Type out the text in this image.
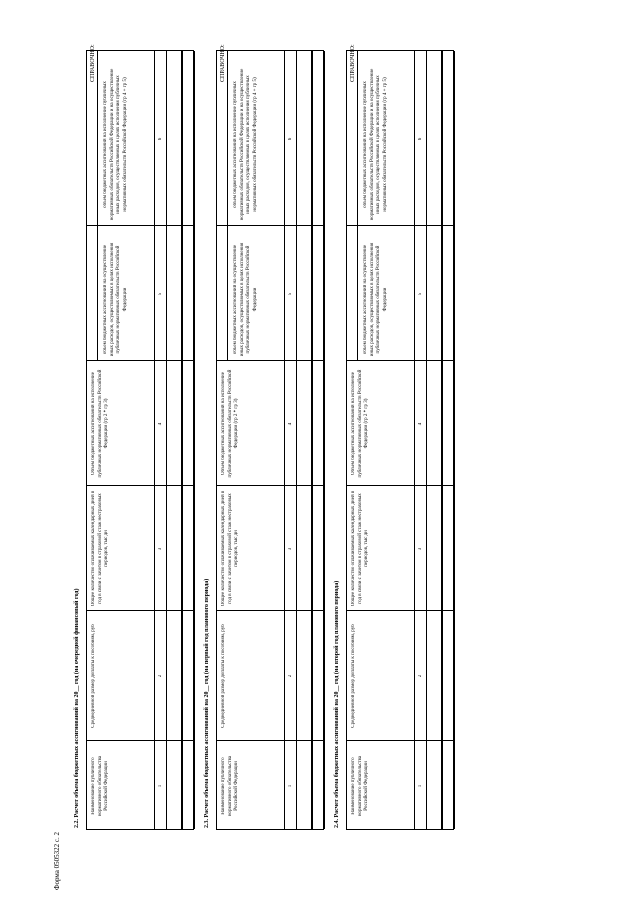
Форма 0505322 с. 2
2.2. Расчет объема бюджетных ассигнований на 20__ год (на очередной финансовый год)
объем бюджетных ассигнований на исполнение публичных нормативных обязательств Российской Федерации и на осуществление иных расходов, осуществляемых в целях исполнения публичных нормативных обязательств Российской Федерации (гр 4 + гр 5)
объем бюджетных ассигнований на осуществление иных расходов, осуществляемых в целях исполнения публичных нормативных обязательств Российской Федерации
Объем бюджетных ассигнований на исполнение публичных нормативных обязательств Российской Федерации (гр 2 * гр 3)
Общее количество оплачиваемых календарных дней в год в связи с зачетом в страховой стаж нестраховых периодов, тыс дн
Среднедневной размер доплаты к пособиям, руб
Наименование публичного нормативного обязательства Российской Федерации
6
5
4
3
2
1
СПРАВОЧНО:
2.3. Расчет объема бюджетных ассигнований на 20__ год (на первый год планового периода)
объем бюджетных ассигнований на исполнение публичных нормативных обязательств Российской Федерации и на осуществление иных расходов, осуществляемых в целях исполнения публичных нормативных обязательств Российской Федерации (гр 4 + гр 5)
объем бюджетных ассигнований на осуществление иных расходов, осуществляемых в целях исполнения публичных нормативных обязательств Российской Федерации
Объем бюджетных ассигнований на исполнение публичных нормативных обязательств Российской Федерации (гр 2 * гр 3)
Общее количество оплачиваемых календарных дней в год в связи с зачетом в страховой стаж нестраховых периодов, тыс дн
Среднедневной размер доплаты к пособиям, руб
Наименование публичного нормативного обязательства Российской Федерации
6
5
4
3
2
1
СПРАВОЧНО:
2.4. Расчет объема бюджетных ассигнований на 20__ год (на второй год планового периода)
объем бюджетных ассигнований на исполнение публичных нормативных обязательств Российской Федерации и на осуществление иных расходов, осуществляемых в целях исполнения публичных нормативных обязательств Российской Федерации (гр 4 + гр 5)
объем бюджетных ассигнований на осуществление иных расходов, осуществляемых в целях исполнения публичных нормативных обязательств Российской Федерации
Объем бюджетных ассигнований на исполнение публичных нормативных обязательств Российской Федерации (гр 2 * гр 3)
Общее количество оплачиваемых календарных дней в год в связи с зачетом в страховой стаж нестраховых периодов, тыс дн
Среднедневной размер доплаты к пособиям, руб
Наименование публичного нормативного обязательства Российской Федерации
6
5
4
3
2
1
СПРАВОЧНО:
